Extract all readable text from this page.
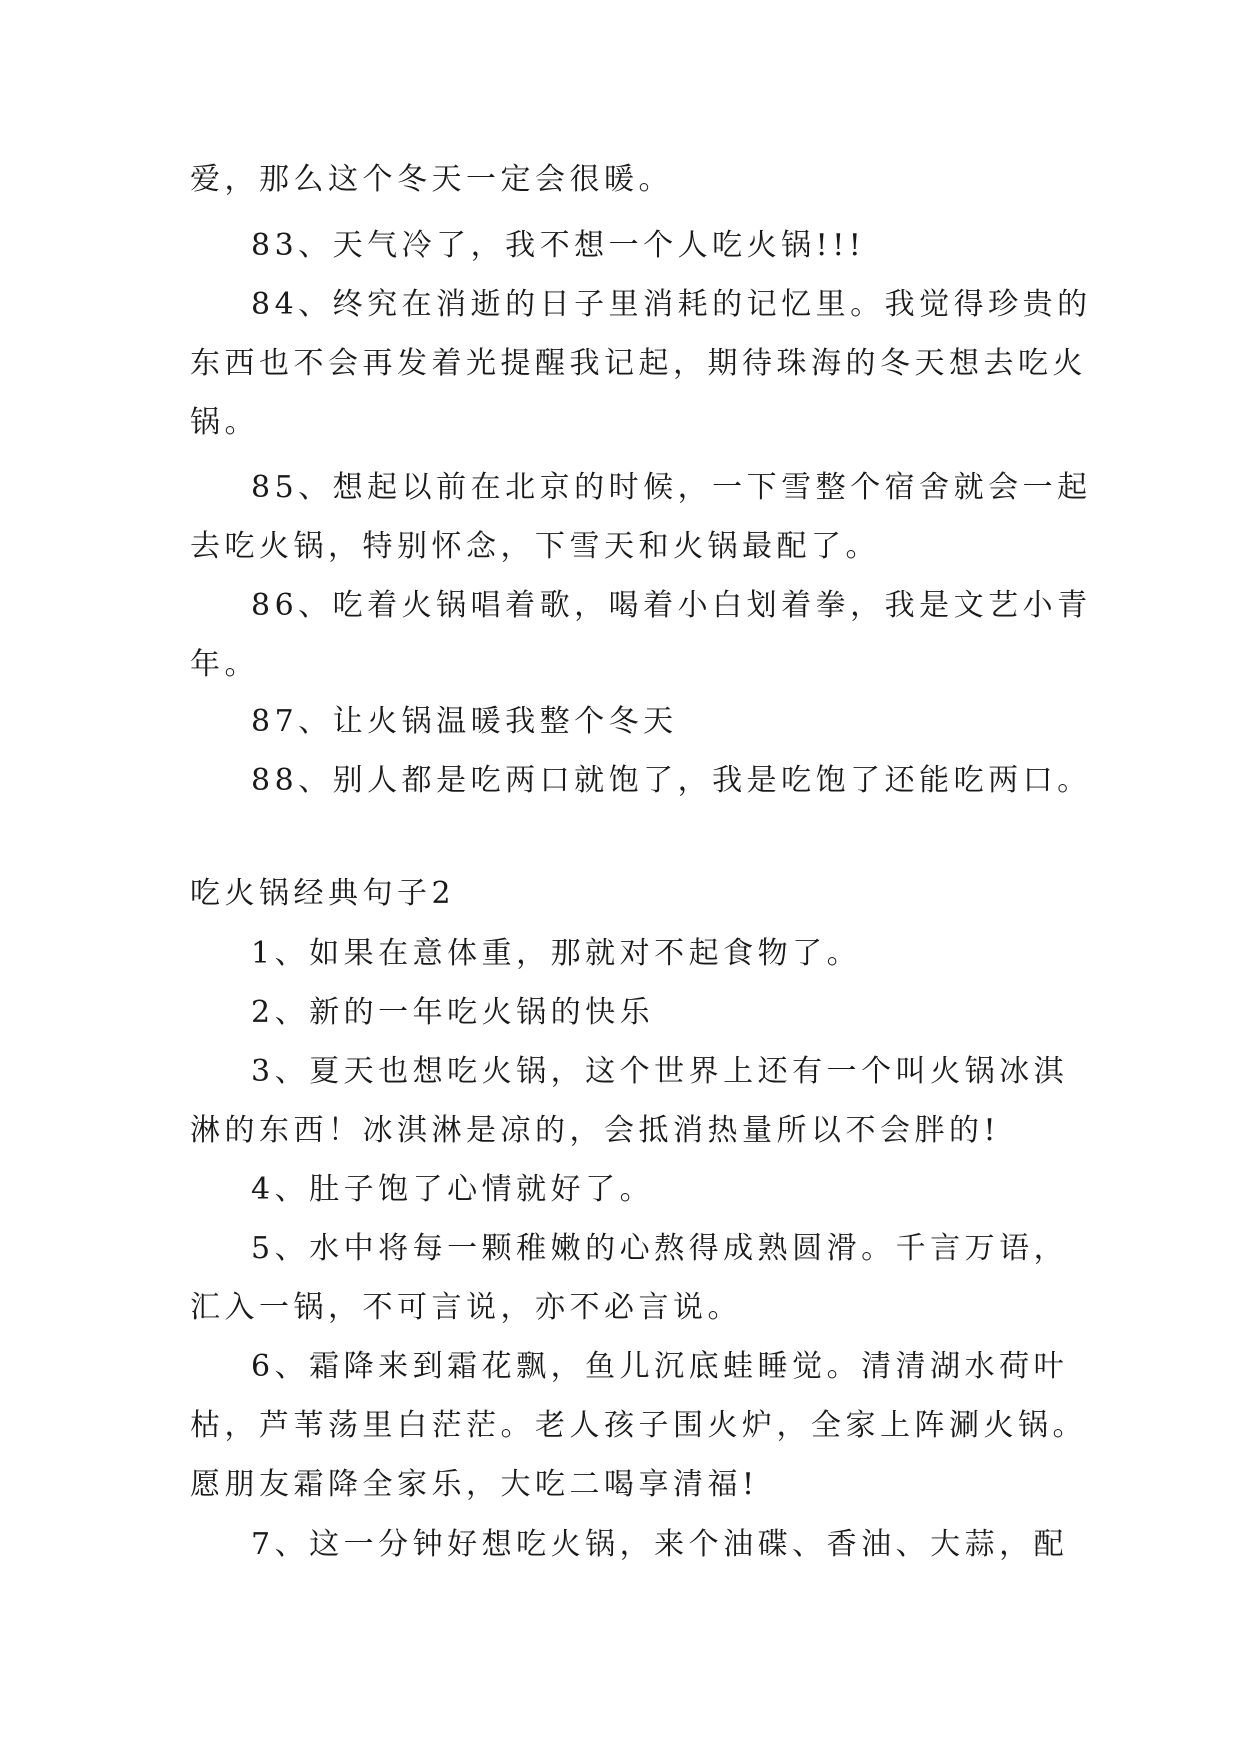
爱，那么这个冬天一定会很暖。
83、天气冷了，我不想一个人吃火锅!!!
84、终究在消逝的日子里消耗的记忆里。我觉得珍贵的
东西也不会再发着光提醒我记起，期待珠海的冬天想去吃火
锅。
85、想起以前在北京的时候，一下雪整个宿舍就会一起
去吃火锅，特别怀念，下雪天和火锅最配了。
86、吃着火锅唱着歌，喝着小白划着拳，我是文艺小青
年。
87、让火锅温暖我整个冬天
88、别人都是吃两口就饱了，我是吃饱了还能吃两口。
吃火锅经典句子2
1、如果在意体重，那就对不起食物了。
2、新的一年吃火锅的快乐
3、夏天也想吃火锅，这个世界上还有一个叫火锅冰淇
淋的东西！冰淇淋是凉的，会抵消热量所以不会胖的!
4、肚子饱了心情就好了。
5、水中将每一颗稚嫩的心熬得成熟圆滑。千言万语，
汇入一锅，不可言说，亦不必言说。
6、霜降来到霜花飘，鱼儿沉底蛙睡觉。清清湖水荷叶
枯，芦苇荡里白茫茫。老人孩子围火炉，全家上阵涮火锅。
愿朋友霜降全家乐，大吃二喝享清福!
7、这一分钟好想吃火锅，来个油碟、香油、大蒜，配
